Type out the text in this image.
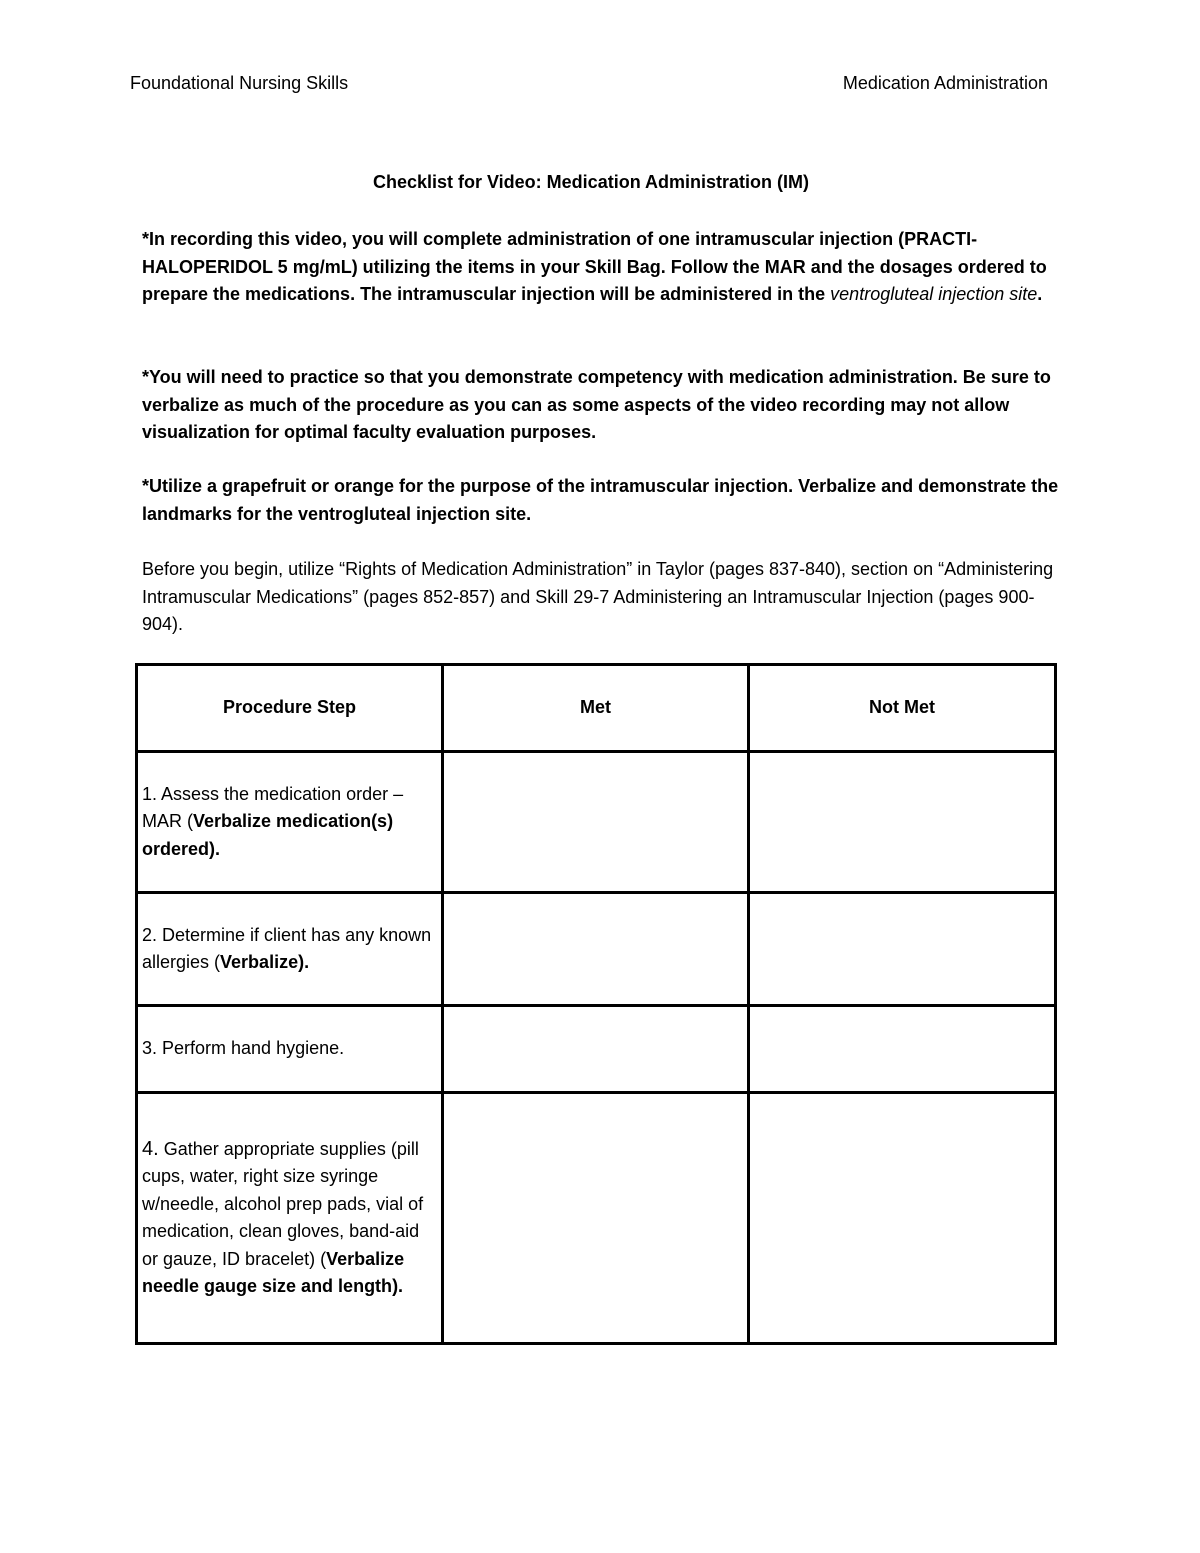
Foundational Nursing Skills	Medication Administration
Checklist for Video: Medication Administration (IM)
*In recording this video, you will complete administration of one intramuscular injection (PRACTI-HALOPERIDOL 5 mg/mL) utilizing the items in your Skill Bag. Follow the MAR and the dosages ordered to prepare the medications. The intramuscular injection will be administered in the ventrogluteal injection site.
*You will need to practice so that you demonstrate competency with medication administration. Be sure to verbalize as much of the procedure as you can as some aspects of the video recording may not allow visualization for optimal faculty evaluation purposes.
*Utilize a grapefruit or orange for the purpose of the intramuscular injection. Verbalize and demonstrate the landmarks for the ventrogluteal injection site.
Before you begin, utilize “Rights of Medication Administration” in Taylor (pages 837-840), section on “Administering Intramuscular Medications” (pages 852-857) and Skill 29-7 Administering an Intramuscular Injection (pages 900-904).
Procedure Step	Met	Not Met
1. Assess the medication order – MAR (Verbalize medication(s) ordered).		
2. Determine if client has any known allergies (Verbalize).		
3. Perform hand hygiene.		
4. Gather appropriate supplies (pill cups, water, right size syringe w/needle, alcohol prep pads, vial of medication, clean gloves, band-aid or gauze, ID bracelet) (Verbalize needle gauge size and length).		
